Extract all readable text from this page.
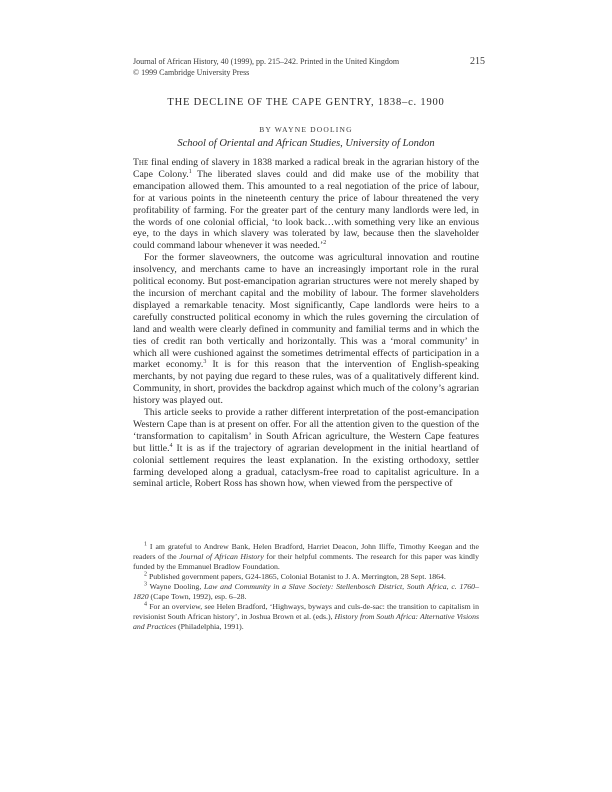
Journal of African History, 40 (1999), pp. 215–242. Printed in the United Kingdom
© 1999 Cambridge University Press
215
THE DECLINE OF THE CAPE GENTRY, 1838–c. 1900
BY WAYNE DOOLING
School of Oriental and African Studies, University of London

The final ending of slavery in 1838 marked a radical break in the agrarian history of the Cape Colony.$^1$ The liberated slaves could and did make use of the mobility that emancipation allowed them. This amounted to a real negotiation of the price of labour, for at various points in the nineteenth century the price of labour threatened the very profitability of farming. For the greater part of the century many landlords were led, in the words of one colonial official, ‘to look back…with something very like an envious eye, to the days in which slavery was tolerated by law, because then the slaveholder could command labour whenever it was needed.’$^2$

For the former slaveowners, the outcome was agricultural innovation and routine insolvency, and merchants came to have an increasingly important role in the rural political economy. But post-emancipation agrarian structures were not merely shaped by the incursion of merchant capital and the mobility of labour. The former slaveholders displayed a remarkable tenacity. Most significantly, Cape landlords were heirs to a carefully constructed political economy in which the rules governing the circulation of land and wealth were clearly defined in community and familial terms and in which the ties of credit ran both vertically and horizontally. This was a ‘moral community’ in which all were cushioned against the sometimes detrimental effects of participation in a market economy.$^3$ It is for this reason that the intervention of English-speaking merchants, by not paying due regard to these rules, was of a qualitatively different kind. Community, in short, provides the backdrop against which much of the colony’s agrarian history was played out.

This article seeks to provide a rather different interpretation of the post-emancipation Western Cape than is at present on offer. For all the attention given to the question of the ‘transformation to capitalism’ in South African agriculture, the Western Cape features but little.$^4$ It is as if the trajectory of agrarian development in the initial heartland of colonial settlement requires the least explanation. In the existing orthodoxy, settler farming developed along a gradual, cataclysm-free road to capitalist agriculture. In a seminal article, Robert Ross has shown how, when viewed from the perspective of

$^1$ I am grateful to Andrew Bank, Helen Bradford, Harriet Deacon, John Iliffe, Timothy Keegan and the readers of the Journal of African History for their helpful comments. The research for this paper was kindly funded by the Emmanuel Bradlow Foundation.

$^2$ Published government papers, G24-1865, Colonial Botanist to J. A. Merrington, 28 Sept. 1864.

$^3$ Wayne Dooling, Law and Community in a Slave Society: Stellenbosch District, South Africa, c. 1760–1820 (Cape Town, 1992), esp. 6–28.

$^4$ For an overview, see Helen Bradford, ‘Highways, byways and culs-de-sac: the transition to capitalism in revisionist South African history’, in Joshua Brown et al. (eds.), History from South Africa: Alternative Visions and Practices (Philadelphia, 1991).
